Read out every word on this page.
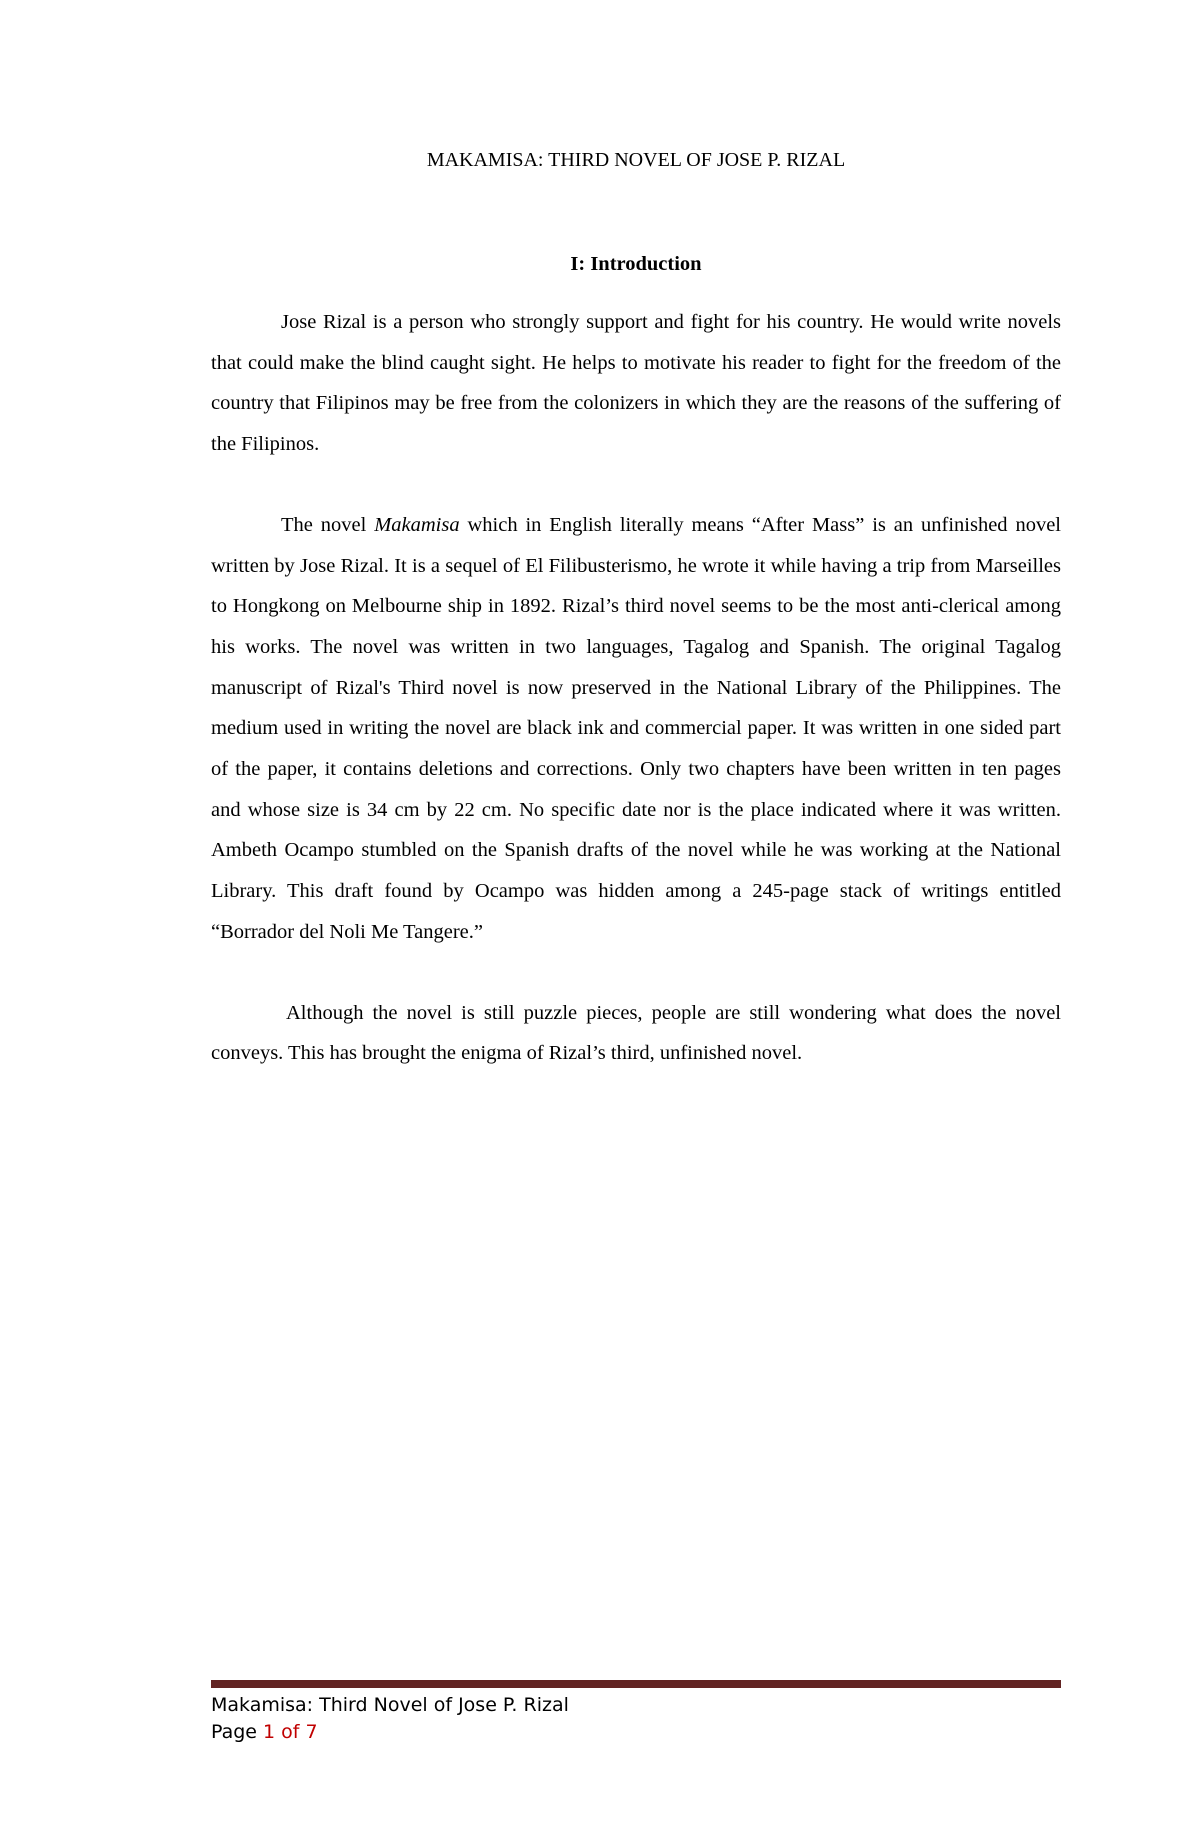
MAKAMISA: THIRD NOVEL OF JOSE P. RIZAL
I: Introduction

Jose Rizal is a person who strongly support and fight for his country. He would write novels that could make the blind caught sight. He helps to motivate his reader to fight for the freedom of the country that Filipinos may be free from the colonizers in which they are the reasons of the suffering of the Filipinos.

The novel Makamisa which in English literally means “After Mass” is an unfinished novel written by Jose Rizal. It is a sequel of El Filibusterismo, he wrote it while having a trip from Marseilles to Hongkong on Melbourne ship in 1892. Rizal’s third novel seems to be the most anti-clerical among his works. The novel was written in two languages, Tagalog and Spanish. The original Tagalog manuscript of Rizal's Third novel is now preserved in the National Library of the Philippines. The medium used in writing the novel are black ink and commercial paper. It was written in one sided part of the paper, it contains deletions and corrections. Only two chapters have been written in ten pages and whose size is 34 cm by 22 cm. No specific date nor is the place indicated where it was written. Ambeth Ocampo stumbled on the Spanish drafts of the novel while he was working at the National Library. This draft found by Ocampo was hidden among a 245-page stack of writings entitled “Borrador del Noli Me Tangere.”

Although the novel is still puzzle pieces, people are still wondering what does the novel conveys. This has brought the enigma of Rizal’s third, unfinished novel.

Makamisa: Third Novel of Jose P. Rizal
Page 1 of 7
